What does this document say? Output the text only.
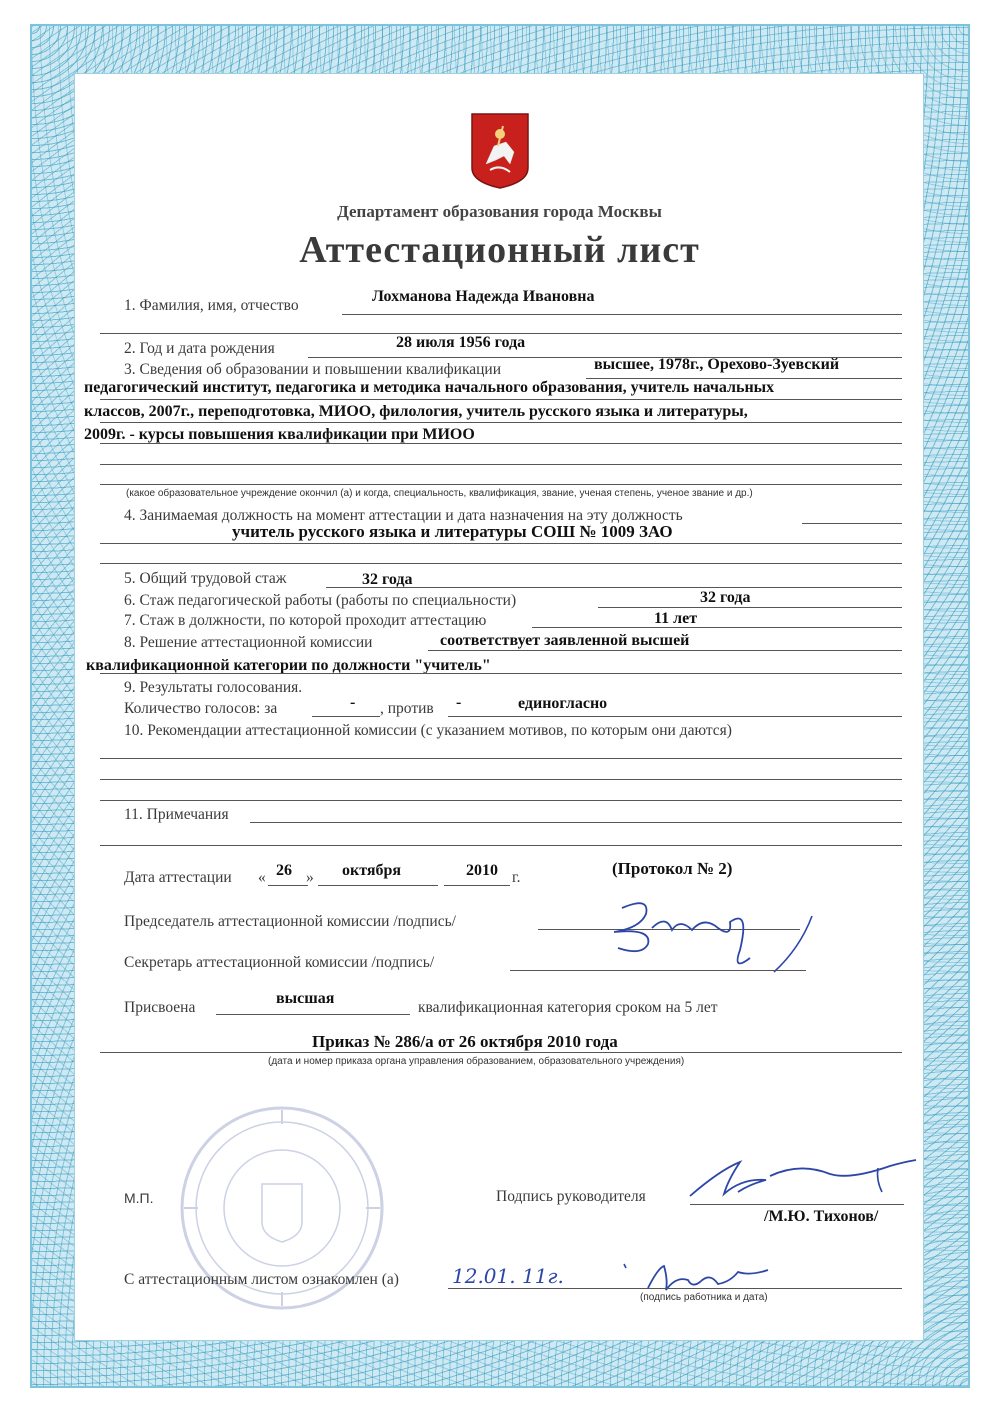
Департамент образования города Москвы
Аттестационный лист
1. Фамилия, имя, отчество
Лохманова Надежда Ивановна
2. Год и дата рождения	28 июля 1956 года
3. Сведения об образовании и повышении квалификации	высшее, 1978г., Орехово-Зуевский
педагогический институт, педагогика и методика начального образования, учитель начальных
классов, 2007г., переподготовка, МИОО, филология, учитель русского языка и литературы,
2009г. - курсы повышения квалификации при МИОО
(какое образовательное учреждение окончил (а) и когда, специальность, квалификация, звание, ученая степень, ученое звание и др.)
4. Занимаемая должность на момент аттестации и дата назначения на эту должность
учитель русского языка и литературы СОШ № 1009 ЗАО
5. Общий трудовой стаж	32 года
6. Стаж педагогической работы (работы по специальности)	32 года
7. Стаж в должности, по которой проходит аттестацию	11 лет
8. Решение аттестационной комиссии	соответствует заявленной высшей
квалификационной категории по должности "учитель"
9. Результаты голосования.
Количество голосов: за	- , против -	единогласно
10. Рекомендации аттестационной комиссии (с указанием мотивов, по которым они даются)
11. Примечания
Дата аттестации « 26 » октября	2010 г.	(Протокол № 2)
Председатель аттестационной комиссии /подпись/
Секретарь аттестационной комиссии /подпись/
Присвоена
высшая
квалификационная категория сроком на 5 лет
Приказ № 286/а от 26 октября 2010 года
(дата и номер приказа органа управления образованием, образовательного учреждения)
М.П.	Подпись руководителя
/М.Ю. Тихонов/
С аттестационным листом ознакомлен (а)	12.01. 11г.
(подпись работника и дата)
